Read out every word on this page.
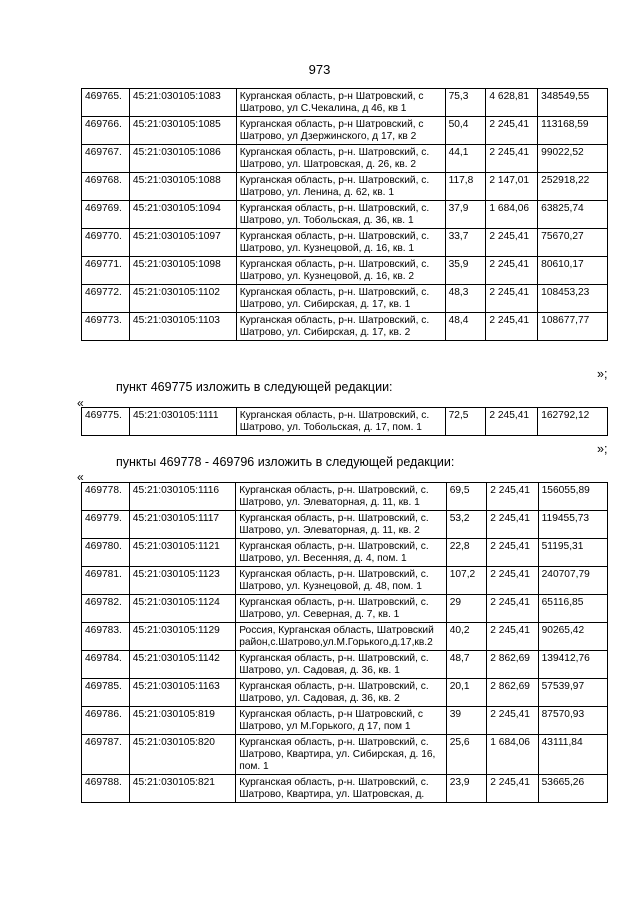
973
469765.	45:21:030105:1083	Курганская область, р-н Шатровский, с Шатрово, ул С.Чекалина, д 46, кв 1	75,3	4 628,81	348549,55
469766.	45:21:030105:1085	Курганская область, р-н Шатровский, с Шатрово, ул Дзержинского, д 17, кв 2	50,4	2 245,41	113168,59
469767.	45:21:030105:1086	Курганская область, р-н. Шатровский, с. Шатрово, ул. Шатровская, д. 26, кв. 2	44,1	2 245,41	99022,52
469768.	45:21:030105:1088	Курганская область, р-н. Шатровский, с. Шатрово, ул. Ленина, д. 62, кв. 1	117,8	2 147,01	252918,22
469769.	45:21:030105:1094	Курганская область, р-н. Шатровский, с. Шатрово, ул. Тобольская, д. 36, кв. 1	37,9	1 684,06	63825,74
469770.	45:21:030105:1097	Курганская область, р-н. Шатровский, с. Шатрово, ул. Кузнецовой, д. 16, кв. 1	33,7	2 245,41	75670,27
469771.	45:21:030105:1098	Курганская область, р-н. Шатровский, с. Шатрово, ул. Кузнецовой, д. 16, кв. 2	35,9	2 245,41	80610,17
469772.	45:21:030105:1102	Курганская область, р-н. Шатровский, с. Шатрово, ул. Сибирская, д. 17, кв. 1	48,3	2 245,41	108453,23
469773.	45:21:030105:1103	Курганская область, р-н. Шатровский, с. Шатрово, ул. Сибирская, д. 17, кв. 2	48,4	2 245,41	108677,77
»;
пункт 469775 изложить в следующей редакции:
«
469775.	45:21:030105:1111	Курганская область, р-н. Шатровский, с. Шатрово, ул. Тобольская, д. 17, пом. 1	72,5	2 245,41	162792,12
»;
пункты 469778 - 469796 изложить в следующей редакции:
«
469778.	45:21:030105:1116	Курганская область, р-н. Шатровский, с. Шатрово, ул. Элеваторная, д. 11, кв. 1	69,5	2 245,41	156055,89
469779.	45:21:030105:1117	Курганская область, р-н. Шатровский, с. Шатрово, ул. Элеваторная, д. 11, кв. 2	53,2	2 245,41	119455,73
469780.	45:21:030105:1121	Курганская область, р-н. Шатровский, с. Шатрово, ул. Весенняя, д. 4, пом. 1	22,8	2 245,41	51195,31
469781.	45:21:030105:1123	Курганская область, р-н. Шатровский, с. Шатрово, ул. Кузнецовой, д. 48, пом. 1	107,2	2 245,41	240707,79
469782.	45:21:030105:1124	Курганская область, р-н. Шатровский, с. Шатрово, ул. Северная, д. 7, кв. 1	29	2 245,41	65116,85
469783.	45:21:030105:1129	Россия, Курганская область, Шатровский район,с.Шатрово,ул.М.Горького,д.17,кв.2	40,2	2 245,41	90265,42
469784.	45:21:030105:1142	Курганская область, р-н. Шатровский, с. Шатрово, ул. Садовая, д. 36, кв. 1	48,7	2 862,69	139412,76
469785.	45:21:030105:1163	Курганская область, р-н. Шатровский, с. Шатрово, ул. Садовая, д. 36, кв. 2	20,1	2 862,69	57539,97
469786.	45:21:030105:819	Курганская область, р-н Шатровский, с Шатрово, ул М.Горького, д 17, пом 1	39	2 245,41	87570,93
469787.	45:21:030105:820	Курганская область, р-н. Шатровский, с. Шатрово, Квартира, ул. Сибирская, д. 16, пом. 1	25,6	1 684,06	43111,84
469788.	45:21:030105:821	Курганская область, р-н. Шатровский, с. Шатрово, Квартира, ул. Шатровская, д.	23,9	2 245,41	53665,26
